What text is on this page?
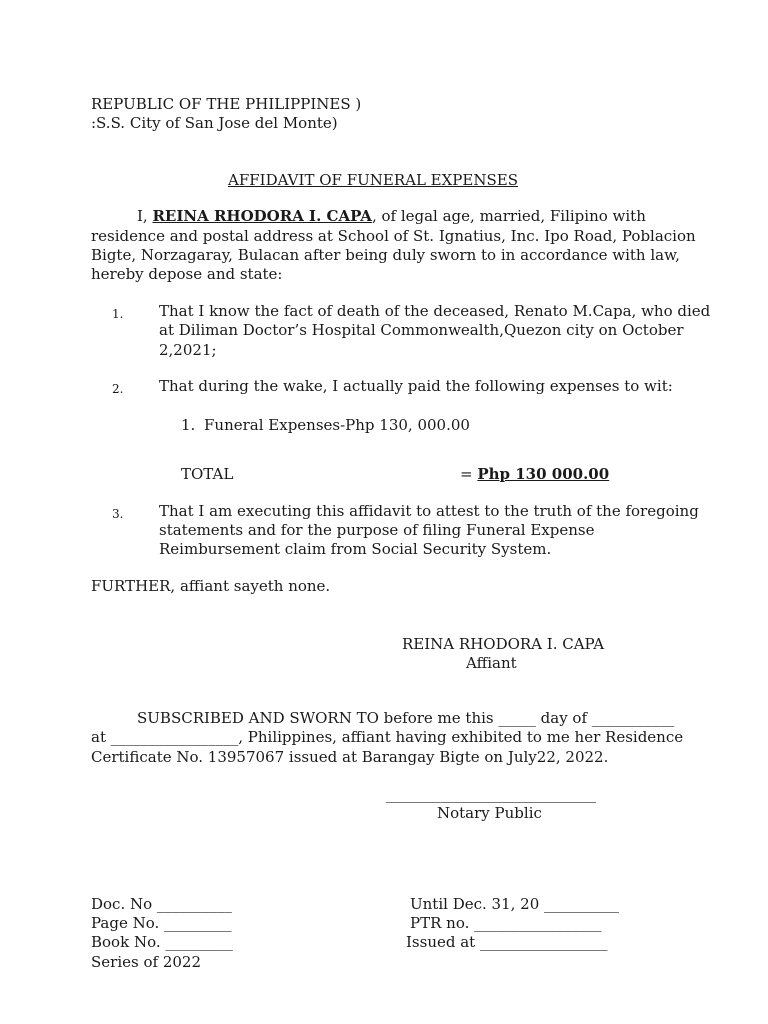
REPUBLIC OF THE PHILIPPINES )
:S.S. City of San Jose del Monte)
AFFIDAVIT OF FUNERAL EXPENSES
I, REINA RHODORA I. CAPA, of legal age, married, Filipino with
residence and postal address at School of St. Ignatius, Inc. Ipo Road, Poblacion
Bigte, Norzagaray, Bulacan after being duly sworn to in accordance with law,
hereby depose and state:
1. That I know the fact of death of the deceased, Renato M.Capa, who died
at Diliman Doctor’s Hospital Commonwealth,Quezon city on October
2,2021;
2. That during the wake, I actually paid the following expenses to wit:
1. Funeral Expenses-Php 130, 000.00
TOTAL	= Php 130 000.00
3. That I am executing this affidavit to attest to the truth of the foregoing
statements and for the purpose of filing Funeral Expense
Reimbursement claim from Social Security System.
FURTHER, affiant sayeth none.
REINA RHODORA I. CAPA
Affiant
SUBSCRIBED AND SWORN TO before me this _____ day of ___________
at _________________, Philippines, affiant having exhibited to me her Residence
Certificate No. 13957067 issued at Barangay Bigte on July22, 2022.
____________________________
Notary Public
Doc. No __________
Page No. _________
Book No. _________
Series of 2022
Until Dec. 31, 20 __________
PTR no. _________________
Issued at _________________
